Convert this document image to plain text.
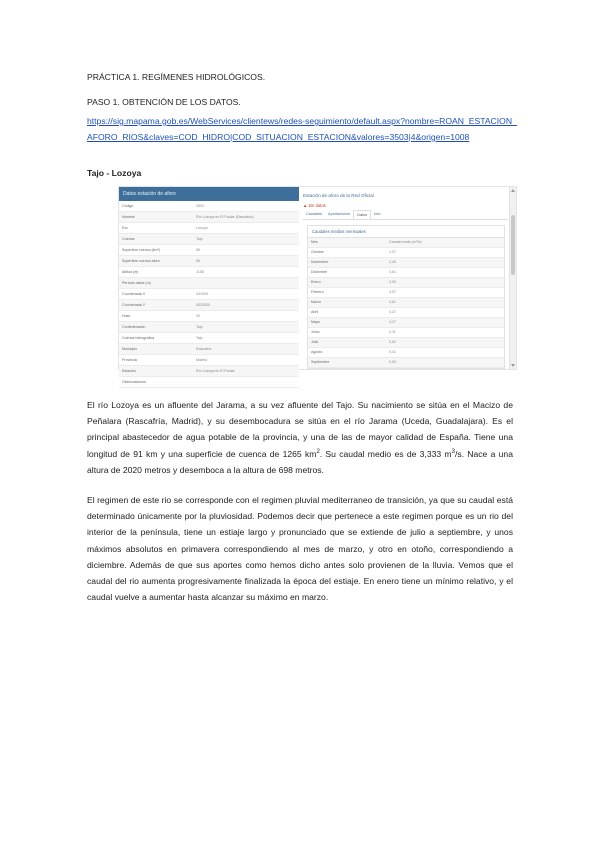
PRÁCTICA 1. REGÍMENES HIDROLÓGICOS.
PASO 1. OBTENCIÓN DE LOS DATOS.
https://sig.mapama.gob.es/WebServices/clientews/redes-seguimiento/default.aspx?nombre=ROAN_ESTACION_AFORO_RIOS&claves=COD_HIDRO|COD_SITUACION_ESTACION&valores=3503|4&origen=1008
Tajo - Lozoya
Datos estación de aforo
Código	3503
Nombre	Río Lozoya en El Paular (Rascafría)
Río	Lozoya
Cuenca	Tajo
Superficie cuenca (km²)	56
Superficie cuenca aforo	56
Altitud (m)	1158
Período datos (m)
Coordenada X	431000
Coordenada Y	4533000
Huso	30
Confederación	Tajo
Cuenca hidrográfica	Tajo
Municipio	Rascafría
Provincia	Madrid
Estación	Río Lozoya en El Paular
Observaciones
Estación de aforo de la Red Oficial
▲ Sin datos
Caudales	Aportaciones	Datos	Info
Caudales medios mensuales
Mes	Caudal medio (m³/s)
Octubre	1,07
Noviembre	2,45
Diciembre	3,61
Enero	3,50
Febrero	3,57
Marzo	4,61
Abril	4,37
Mayo	4,27
Junio	2,11
Julio	0,62
Agosto	0,41
Septiembre	0,53
El río Lozoya es un afluente del Jarama, a su vez afluente del Tajo. Su nacimiento se sitúa en el Macizo de Peñalara (Rascafría, Madrid), y su desembocadura se sitúa en el río Jarama (Uceda, Guadalajara). Es el principal abastecedor de agua potable de la provincia, y una de las de mayor calidad de España. Tiene una longitud de 91 km y una superficie de cuenca de 1265 $km^2$. Su caudal medio es de 3,333 $m^3/s$. Nace a una altura de 2020 metros y desemboca a la altura de 698 metros.
El regimen de este rio se corresponde con el regimen pluvial mediterraneo de transición, ya que su caudal está determinado únicamente por la pluviosidad. Podemos decir que pertenece a este regimen porque es un rio del interior de la península, tiene un estiaje largo y pronunciado que se extiende de julio a septiembre, y unos máximos absolutos en primavera correspondiendo al mes de marzo, y otro en otoño, correspondiendo a diciembre. Además de que sus aportes como hemos dicho antes solo provienen de la lluvia. Vemos que el caudal del rio aumenta progresivamente finalizada la época del estiaje. En enero tiene un mínimo relativo, y el caudal vuelve a aumentar hasta alcanzar su máximo en marzo.
